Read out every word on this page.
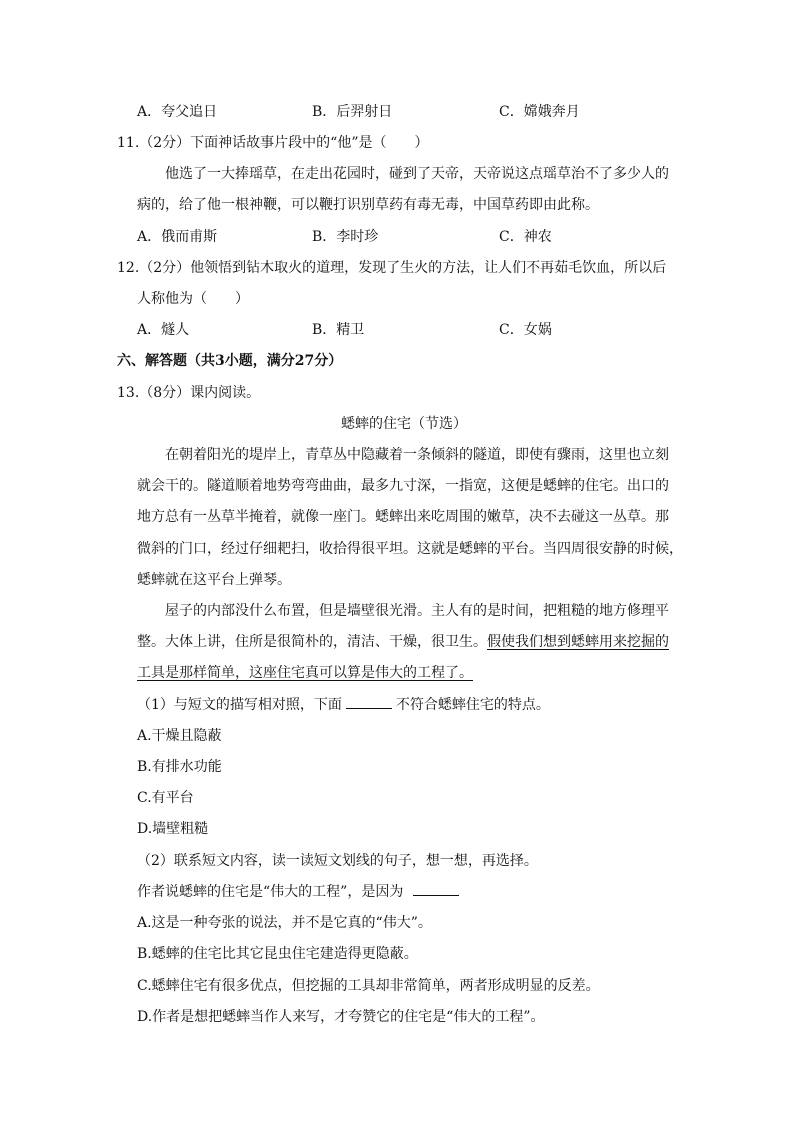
A．夸父追日	B．后羿射日	C．嫦娥奔月
11.（2分）下面神话故事片段中的“他”是（　　）
他选了一大捧瑶草，在走出花园时，碰到了天帝，天帝说这点瑶草治不了多少人的
病的，给了他一根神鞭，可以鞭打识别草药有毒无毒，中国草药即由此称。
A．俄而甫斯	B．李时珍	C．神农
12.（2分）他领悟到钻木取火的道理，发现了生火的方法，让人们不再茹毛饮血，所以后
人称他为（　　）
A．燧人	B．精卫	C．女娲
六、解答题（共3小题，满分27分）
13.（8分）课内阅读。
蟋蟀的住宅（节选）
在朝着阳光的堤岸上，青草丛中隐藏着一条倾斜的隧道，即使有骤雨，这里也立刻
就会干的。隧道顺着地势弯弯曲曲，最多九寸深，一指宽，这便是蟋蟀的住宅。出口的
地方总有一丛草半掩着，就像一座门。蟋蟀出来吃周围的嫩草，决不去碰这一丛草。那
微斜的门口，经过仔细耙扫，收拾得很平坦。这就是蟋蟀的平台。当四周很安静的时候，
蟋蟀就在这平台上弹琴。
屋子的内部没什么布置，但是墙壁很光滑。主人有的是时间，把粗糙的地方修理平
整。大体上讲，住所是很简朴的，清洁、干燥，很卫生。假使我们想到蟋蟀用来挖掘的
工具是那样简单，这座住宅真可以算是伟大的工程了。
（1）与短文的描写相对照，下面	不符合蟋蟀住宅的特点。
A.干燥且隐蔽
B.有排水功能
C.有平台
D.墙壁粗糙
（2）联系短文内容，读一读短文划线的句子，想一想，再选择。
作者说蟋蟀的住宅是“伟大的工程”，是因为
A.这是一种夸张的说法，并不是它真的“伟大”。
B.蟋蟀的住宅比其它昆虫住宅建造得更隐蔽。
C.蟋蟀住宅有很多优点，但挖掘的工具却非常简单，两者形成明显的反差。
D.作者是想把蟋蟀当作人来写，才夸赞它的住宅是“伟大的工程”。
